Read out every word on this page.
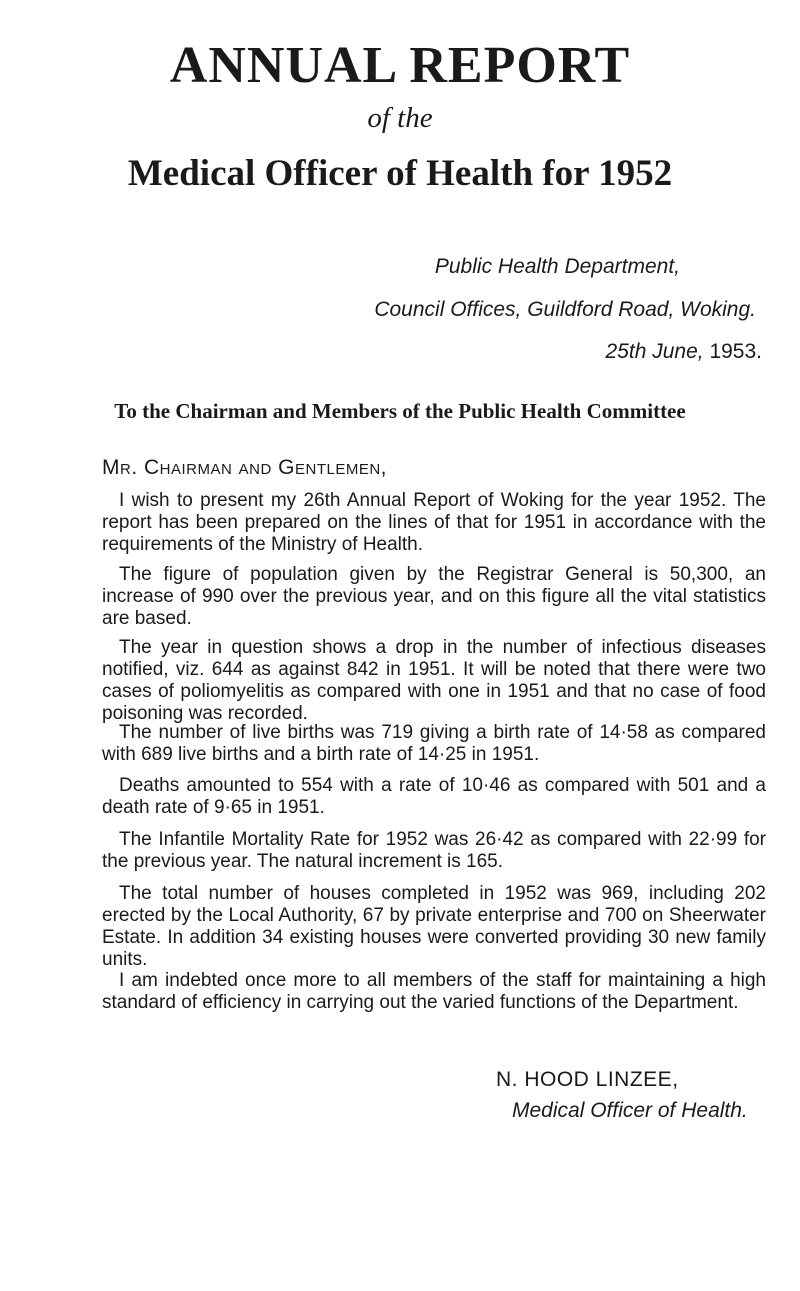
ANNUAL REPORT
of the
Medical Officer of Health for 1952
Public Health Department,
Council Offices, Guildford Road, Woking.
25th June, 1953.
To the Chairman and Members of the Public Health Committee
Mr. Chairman and Gentlemen,

I wish to present my 26th Annual Report of Woking for the year 1952. The report has been prepared on the lines of that for 1951 in accordance with the requirements of the Ministry of Health.

The figure of population given by the Registrar General is 50,300, an increase of 990 over the previous year, and on this figure all the vital statistics are based.

The year in question shows a drop in the number of infectious diseases notified, viz. 644 as against 842 in 1951. It will be noted that there were two cases of poliomyelitis as compared with one in 1951 and that no case of food poisoning was recorded.

The number of live births was 719 giving a birth rate of 14·58 as compared with 689 live births and a birth rate of 14·25 in 1951.

Deaths amounted to 554 with a rate of 10·46 as compared with 501 and a death rate of 9·65 in 1951.

The Infantile Mortality Rate for 1952 was 26·42 as compared with 22·99 for the previous year. The natural increment is 165.

The total number of houses completed in 1952 was 969, including 202 erected by the Local Authority, 67 by private enterprise and 700 on Sheerwater Estate. In addition 34 existing houses were converted providing 30 new family units.

I am indebted once more to all members of the staff for maintaining a high standard of efficiency in carrying out the varied functions of the Department.

N. HOOD LINZEE,
Medical Officer of Health.
